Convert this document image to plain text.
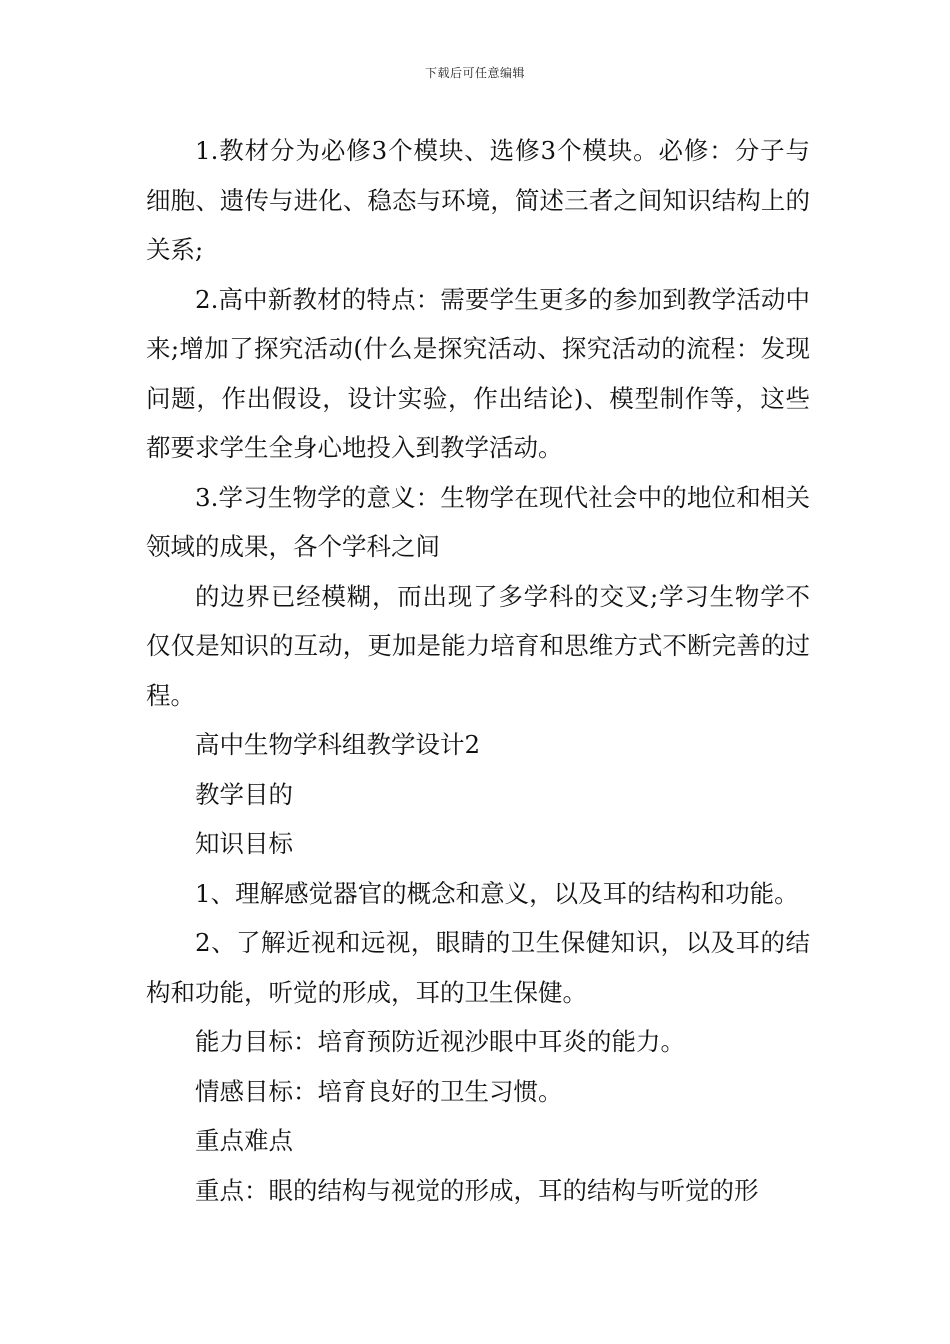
下载后可任意编辑

1.教材分为必修3个模块、选修3个模块。必修：分子与细胞、遗传与进化、稳态与环境，简述三者之间知识结构上的关系;

2.高中新教材的特点：需要学生更多的参加到教学活动中来;增加了探究活动(什么是探究活动、探究活动的流程：发现问题，作出假设，设计实验，作出结论)、模型制作等，这些都要求学生全身心地投入到教学活动。

3.学习生物学的意义：生物学在现代社会中的地位和相关领域的成果，各个学科之间

的边界已经模糊，而出现了多学科的交叉;学习生物学不仅仅是知识的互动，更加是能力培育和思维方式不断完善的过程。

高中生物学科组教学设计2

教学目的

知识目标

1、理解感觉器官的概念和意义，以及耳的结构和功能。

2、了解近视和远视，眼睛的卫生保健知识，以及耳的结构和功能，听觉的形成，耳的卫生保健。

能力目标：培育预防近视沙眼中耳炎的能力。

情感目标：培育良好的卫生习惯。

重点难点

重点：眼的结构与视觉的形成，耳的结构与听觉的形
